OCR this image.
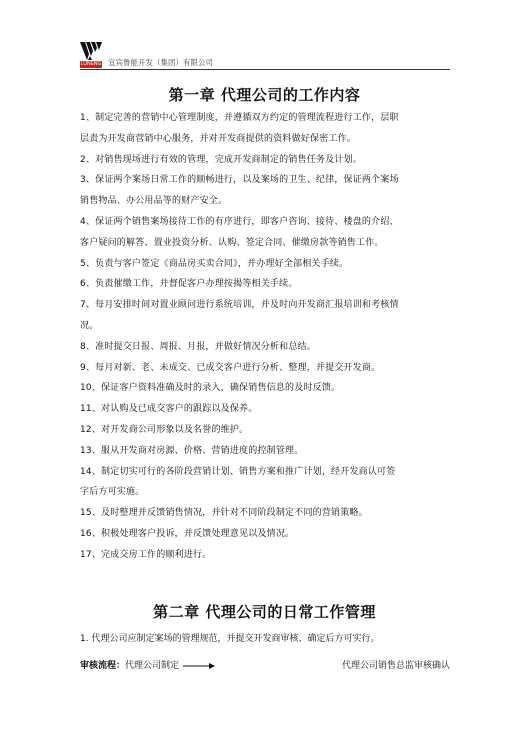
LUNENG 宜宾鲁能开发（集团）有限公司
第一章 代理公司的工作内容
1、制定完善的营销中心管理制度，并遵循双方约定的管理流程进行工作，层职
层责为开发商营销中心服务，并对开发商提供的资料做好保密工作。
2、对销售现场进行有效的管理，完成开发商制定的销售任务及计划。
3、保证两个案场日常工作的顺畅进行，以及案场的卫生、纪律，保证两个案场
销售物品、办公用品等的财产安全。
4、保证两个销售案场接待工作的有序进行，即客户咨询、接待、楼盘的介绍、
客户疑问的解答、置业投资分析、认购、签定合同、催缴房款等销售工作。
5、负责与客户签定《商品房买卖合同》，并办理好全部相关手续。
6、负责催缴工作，并督促客户办理按揭等相关手续。
7、每月安排时间对置业顾问进行系统培训，并及时向开发商汇报培训和考核情
况。
8、准时提交日报、周报、月报，并做好情况分析和总结。
9、每月对新、老、未成交、已成交客户进行分析、整理，并提交开发商。
10、保证客户资料准确及时的录入，确保销售信息的及时反馈。
11、对认购及已成交客户的跟踪以及保养。
12、对开发商公司形象以及名誉的维护。
13、服从开发商对房源、价格、营销进度的控制管理。
14、制定切实可行的各阶段营销计划、销售方案和推广计划，经开发商认可签
字后方可实施。
15、及时整理并反馈销售情况，并针对不同阶段制定不同的营销策略。
16、积极处理客户投诉，并反馈处理意见以及情况。
17、完成交房工作的顺利进行。
第二章 代理公司的日常工作管理
1. 代理公司应制定案场的管理规范，并提交开发商审核、确定后方可实行。
审核流程： 代理公司制定	代理公司销售总监审核确认
